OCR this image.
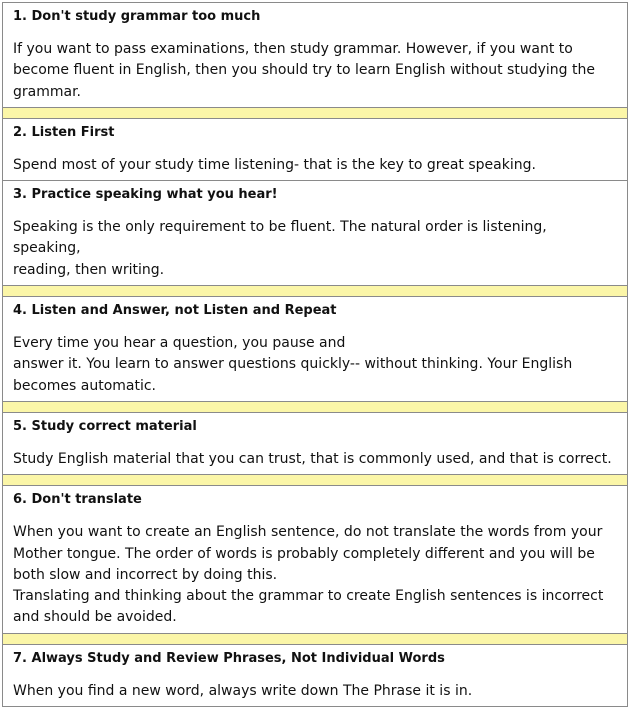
1. Don't study grammar too much
If you want to pass examinations, then study grammar. However, if you want to
become fluent in English, then you should try to learn English without studying the
grammar.
2. Listen First
Spend most of your study time listening- that is the key to great speaking.
3. Practice speaking what you hear!
Speaking is the only requirement to be fluent. The natural order is listening, speaking,
reading, then writing.
4. Listen and Answer, not Listen and Repeat
Every time you hear a question, you pause and
answer it. You learn to answer questions quickly-- without thinking. Your English
becomes automatic.
5. Study correct material
Study English material that you can trust, that is commonly used, and that is correct.
6. Don't translate
When you want to create an English sentence, do not translate the words from your
Mother tongue. The order of words is probably completely different and you will be
both slow and incorrect by doing this.
Translating and thinking about the grammar to create English sentences is incorrect
and should be avoided.
7. Always Study and Review Phrases, Not Individual Words
When you find a new word, always write down The Phrase it is in.
